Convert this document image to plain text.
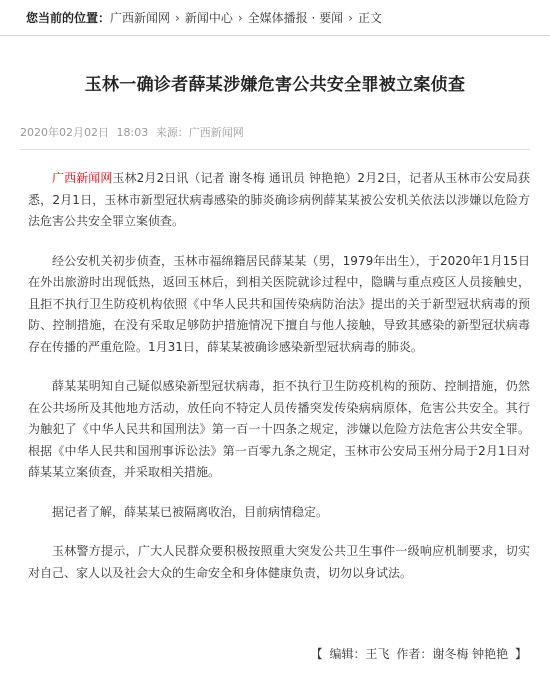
您当前的位置： 广西新闻网 › 新闻中心 › 全媒体播报 · 要闻 › 正文
玉林一确诊者薛某涉嫌危害公共安全罪被立案侦查
2020年02月02日 18:03 来源：广西新闻网

广西新闻网玉林2月2日讯（记者 谢冬梅 通讯员 钟艳艳）2月2日，记者从玉林市公安局获悉，2月1日，玉林市新型冠状病毒感染的肺炎确诊病例薛某某被公安机关依法以涉嫌以危险方法危害公共安全罪立案侦查。

经公安机关初步侦查，玉林市福绵籍居民薛某某（男，1979年出生），于2020年1月15日在外出旅游时出现低热，返回玉林后，到相关医院就诊过程中，隐瞒与重点疫区人员接触史，且拒不执行卫生防疫机构依照《中华人民共和国传染病防治法》提出的关于新型冠状病毒的预防、控制措施，在没有采取足够防护措施情况下擅自与他人接触，导致其感染的新型冠状病毒存在传播的严重危险。1月31日，薛某某被确诊感染新型冠状病毒的肺炎。

薛某某明知自己疑似感染新型冠状病毒，拒不执行卫生防疫机构的预防、控制措施，仍然在公共场所及其他地方活动，放任向不特定人员传播突发传染病病原体，危害公共安全。其行为触犯了《中华人民共和国刑法》第一百一十四条之规定，涉嫌以危险方法危害公共安全罪。根据《中华人民共和国刑事诉讼法》第一百零九条之规定，玉林市公安局玉州分局于2月1日对薛某某立案侦查，并采取相关措施。

据记者了解，薛某某已被隔离收治，目前病情稳定。

玉林警方提示，广大人民群众要积极按照重大突发公共卫生事件一级响应机制要求，切实对自己、家人以及社会大众的生命安全和身体健康负责，切勿以身试法。

【 编辑：王飞 作者：谢冬梅 钟艳艳 】
